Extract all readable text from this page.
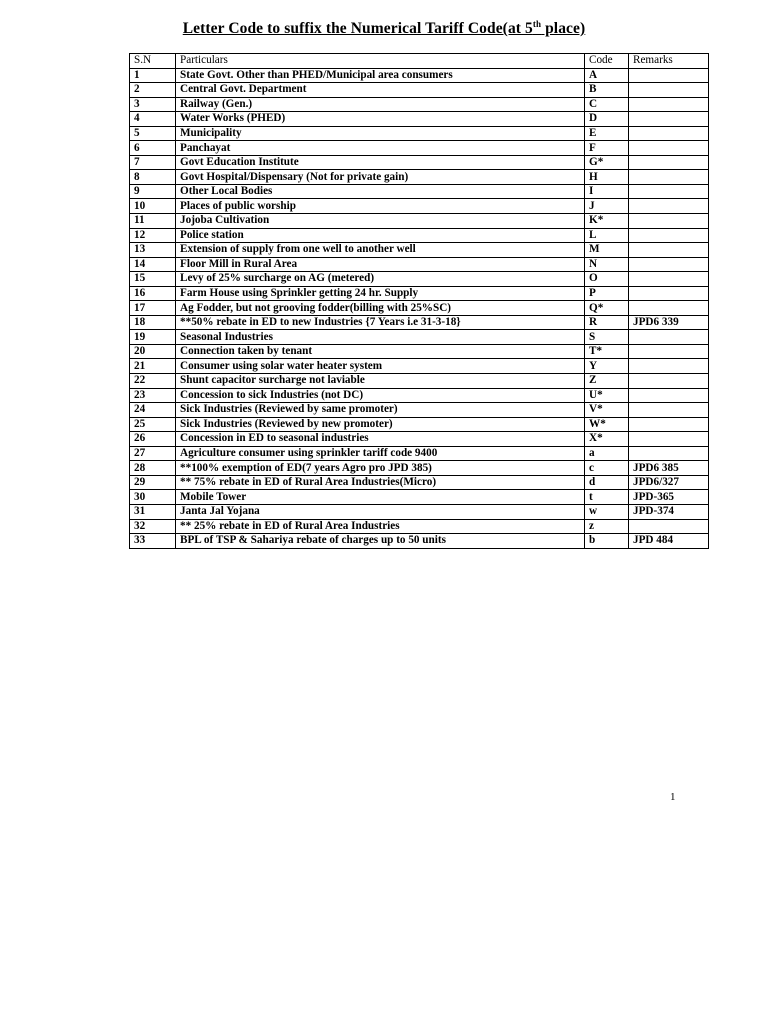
Letter Code to suffix the Numerical Tariff Code(at 5th place)
S.N	Particulars	Code	Remarks
1	State Govt. Other than PHED/Municipal area consumers	A	
2	Central Govt. Department	B	
3	Railway (Gen.)	C	
4	Water Works (PHED)	D	
5	Municipality	E	
6	Panchayat	F	
7	Govt Education Institute	G*	
8	Govt Hospital/Dispensary (Not for private gain)	H	
9	Other Local Bodies	I	
10	Places of public worship	J	
11	Jojoba Cultivation	K*	
12	Police station	L	
13	Extension of supply from one well to another well	M	
14	Floor Mill in Rural Area	N	
15	Levy of 25% surcharge on AG (metered)	O	
16	Farm House using Sprinkler getting 24 hr. Supply	P	
17	Ag Fodder, but not grooving fodder(billing with 25%SC)	Q*	
18	**50% rebate in ED to new Industries {7 Years i.e 31-3-18}	R	JPD6 339
19	Seasonal Industries	S	
20	Connection taken by tenant	T*	
21	Consumer using solar water heater system	Y	
22	Shunt capacitor surcharge not laviable	Z	
23	Concession to sick Industries (not DC)	U*	
24	Sick Industries (Reviewed by same promoter)	V*	
25	Sick Industries (Reviewed by new promoter)	W*	
26	Concession in ED to seasonal industries	X*	
27	Agriculture consumer using sprinkler tariff code 9400	a	
28	**100% exemption of ED(7 years Agro pro JPD 385)	c	JPD6 385
29	** 75% rebate in ED of Rural Area Industries(Micro)	d	JPD6/327
30	Mobile Tower	t	JPD-365
31	Janta Jal Yojana	w	JPD-374
32	** 25% rebate in ED of Rural Area Industries	z	
33	BPL of TSP & Sahariya rebate of charges up to 50 units	b	JPD 484
1
